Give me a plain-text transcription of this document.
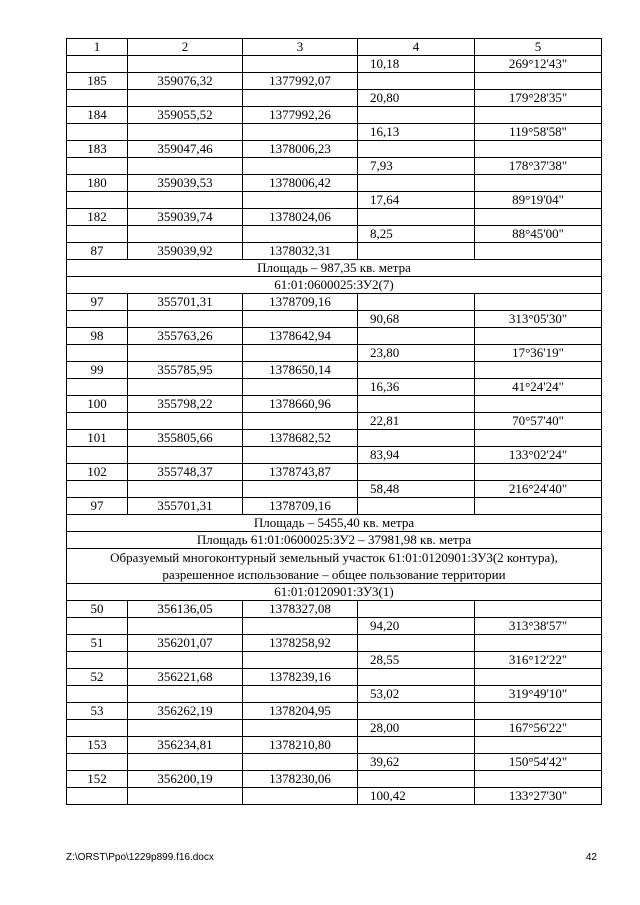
1	2	3	4	5
			10,18	269°12'43"
185	359076,32	1377992,07		
			20,80	179°28'35"
184	359055,52	1377992,26		
			16,13	119°58'58"
183	359047,46	1378006,23		
			7,93	178°37'38"
180	359039,53	1378006,42		
			17,64	89°19'04"
182	359039,74	1378024,06		
			8,25	88°45'00"
87	359039,92	1378032,31		
Площадь – 987,35 кв. метра				
61:01:0600025:ЗУ2(7)				
97	355701,31	1378709,16		
			90,68	313°05'30"
98	355763,26	1378642,94		
			23,80	17°36'19"
99	355785,95	1378650,14		
			16,36	41°24'24"
100	355798,22	1378660,96		
			22,81	70°57'40"
101	355805,66	1378682,52		
			83,94	133°02'24"
102	355748,37	1378743,87		
			58,48	216°24'40"
97	355701,31	1378709,16		
Площадь – 5455,40 кв. метра				
Площадь 61:01:0600025:ЗУ2 – 37981,98 кв. метра				

Образуемый многоконтурный земельный участок 61:01:0120901:ЗУ3(2 контура),
разрешенное использование – общее пользование территории				

61:01:0120901:ЗУ3(1)				
50	356136,05	1378327,08		
			94,20	313°38'57"
51	356201,07	1378258,92		
			28,55	316°12'22"
52	356221,68	1378239,16		
			53,02	319°49'10"
53	356262,19	1378204,95		
			28,00	167°56'22"
153	356234,81	1378210,80		
			39,62	150°54'42"
152	356200,19	1378230,06		
			100,42	133°27'30"
Z:\ORST\Ppo\1229p899.f16.docx	42
